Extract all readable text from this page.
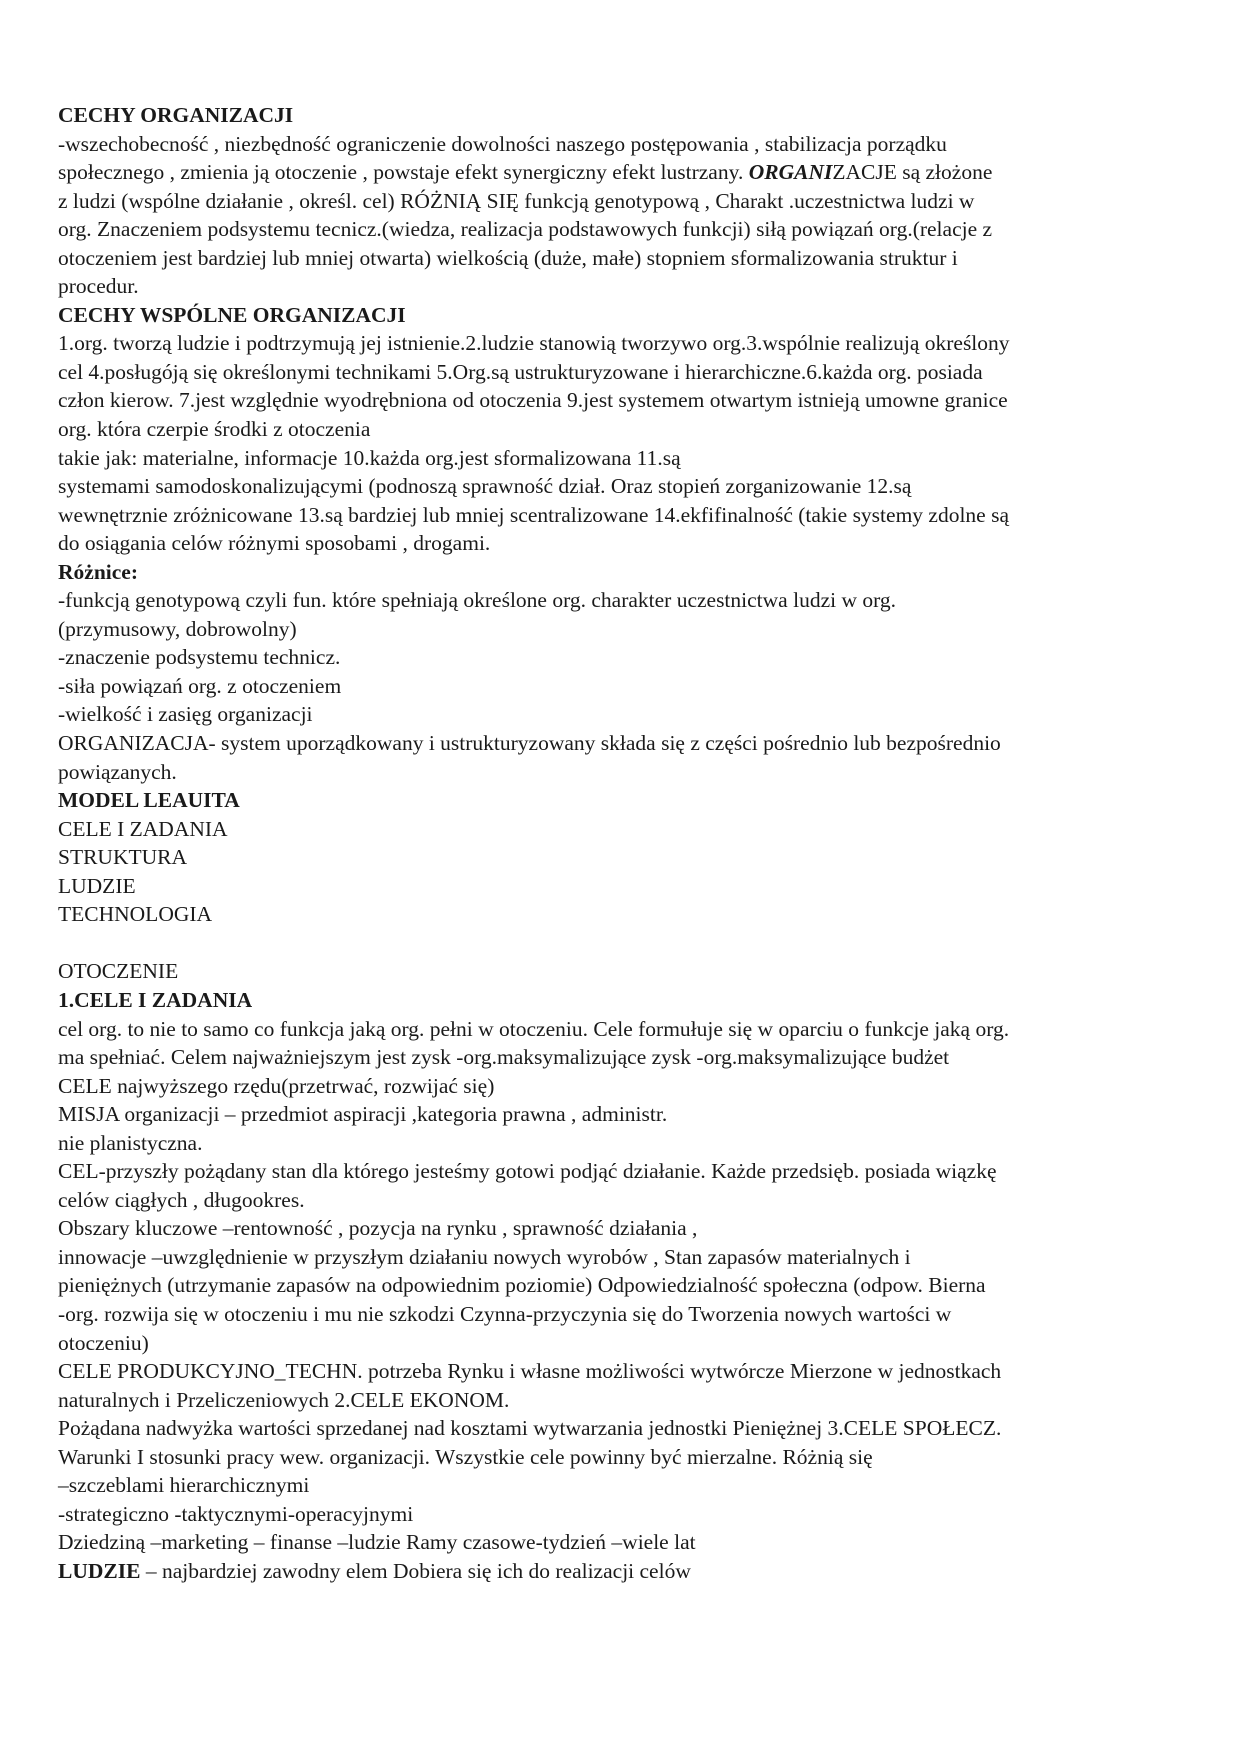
CECHY ORGANIZACJI
-wszechobecność , niezbędność ograniczenie dowolności naszego postępowania , stabilizacja porządku
społecznego , zmienia ją otoczenie , powstaje efekt synergiczny efekt lustrzany. ORGANIZACJE są złożone
z ludzi (wspólne działanie , określ. cel) RÓŻNIĄ SIĘ funkcją genotypową , Charakt .uczestnictwa ludzi w
org. Znaczeniem podsystemu tecnicz.(wiedza, realizacja podstawowych funkcji) siłą powiązań org.(relacje z
otoczeniem jest bardziej lub mniej otwarta) wielkością (duże, małe) stopniem sformalizowania struktur i
procedur.
CECHY WSPÓLNE ORGANIZACJI
1.org. tworzą ludzie i podtrzymują jej istnienie.2.ludzie stanowią tworzywo org.3.wspólnie realizują określony
cel 4.posługóją się określonymi technikami 5.Org.są ustrukturyzowane i hierarchiczne.6.każda org. posiada
człon kierow. 7.jest względnie wyodrębniona od otoczenia 9.jest systemem otwartym istnieją umowne granice
org. która czerpie środki z otoczenia
takie jak: materialne, informacje 10.każda org.jest sformalizowana 11.są
systemami samodoskonalizującymi (podnoszą sprawność dział. Oraz stopień zorganizowanie 12.są
wewnętrznie zróżnicowane 13.są bardziej lub mniej scentralizowane 14.ekfifinalność (takie systemy zdolne są
do osiągania celów różnymi sposobami , drogami.
Różnice:
-funkcją genotypową czyli fun. które spełniają określone org. charakter uczestnictwa ludzi w org.
(przymusowy, dobrowolny)
-znaczenie podsystemu technicz.
-siła powiązań org. z otoczeniem
-wielkość i zasięg organizacji
ORGANIZACJA- system uporządkowany i ustrukturyzowany składa się z części pośrednio lub bezpośrednio
powiązanych.
MODEL LEAUITA
CELE I ZADANIA
STRUKTURA
LUDZIE
TECHNOLOGIA
OTOCZENIE
1.CELE I ZADANIA
cel org. to nie to samo co funkcja jaką org. pełni w otoczeniu. Cele formułuje się w oparciu o funkcje jaką org.
ma spełniać. Celem najważniejszym jest zysk -org.maksymalizujące zysk -org.maksymalizujące budżet
CELE najwyższego rzędu(przetrwać, rozwijać się)
MISJA organizacji – przedmiot aspiracji ,kategoria prawna , administr.
nie planistyczna.
CEL-przyszły pożądany stan dla którego jesteśmy gotowi podjąć działanie. Każde przedsięb. posiada wiązkę
celów ciągłych , długookres.
Obszary kluczowe –rentowność , pozycja na rynku , sprawność działania ,
innowacje –uwzględnienie w przyszłym działaniu nowych wyrobów , Stan zapasów materialnych i
pieniężnych (utrzymanie zapasów na odpowiednim poziomie) Odpowiedzialność społeczna (odpow. Bierna
-org. rozwija się w otoczeniu i mu nie szkodzi Czynna-przyczynia się do Tworzenia nowych wartości w
otoczeniu)
CELE PRODUKCYJNO_TECHN. potrzeba Rynku i własne możliwości wytwórcze Mierzone w jednostkach
naturalnych i Przeliczeniowych 2.CELE EKONOM.
Pożądana nadwyżka wartości sprzedanej nad kosztami wytwarzania jednostki Pieniężnej 3.CELE SPOŁECZ.
Warunki I stosunki pracy wew. organizacji. Wszystkie cele powinny być mierzalne. Różnią się
–szczeblami hierarchicznymi
-strategiczno -taktycznymi-operacyjnymi
Dziedziną –marketing – finanse –ludzie Ramy czasowe-tydzień –wiele lat
LUDZIE – najbardziej zawodny elem Dobiera się ich do realizacji celów
